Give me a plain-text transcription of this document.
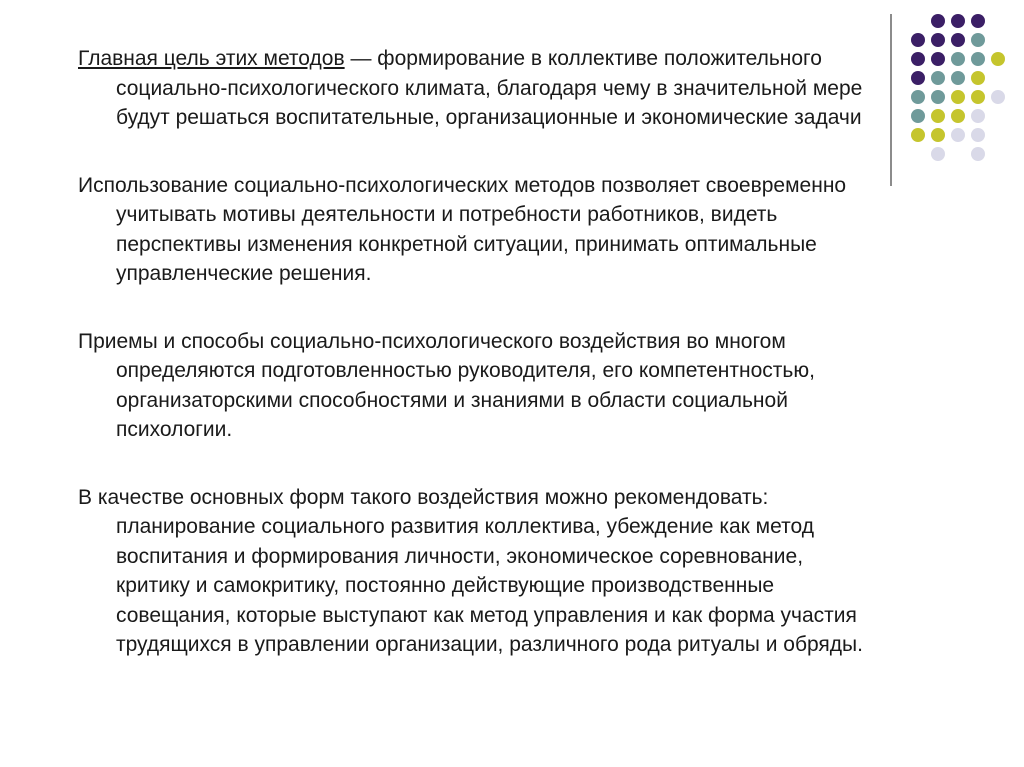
Главная цель этих методов — формирование в коллективе положительного социально-психологического климата, благодаря чему в значительной мере будут решаться воспитательные, организационные и экономические задачи

Использование социально-психологических методов позволяет своевременно учитывать мотивы деятельности и потребности работников, видеть перспективы изменения конкретной ситуации, принимать оптимальные управленческие решения.

Приемы и способы социально-психологического воздействия во многом определяются подготовленностью руководителя, его компетентностью, организаторскими способностями и знаниями в области социальной психологии.

В качестве основных форм такого воздействия можно рекомендовать: планирование социального развития коллектива, убеждение как метод воспитания и формирования личности, экономическое соревнование, критику и самокритику, постоянно действующие производственные совещания, которые выступают как метод управления и как форма участия трудящихся в управлении организации, различного рода ритуалы и обряды.
